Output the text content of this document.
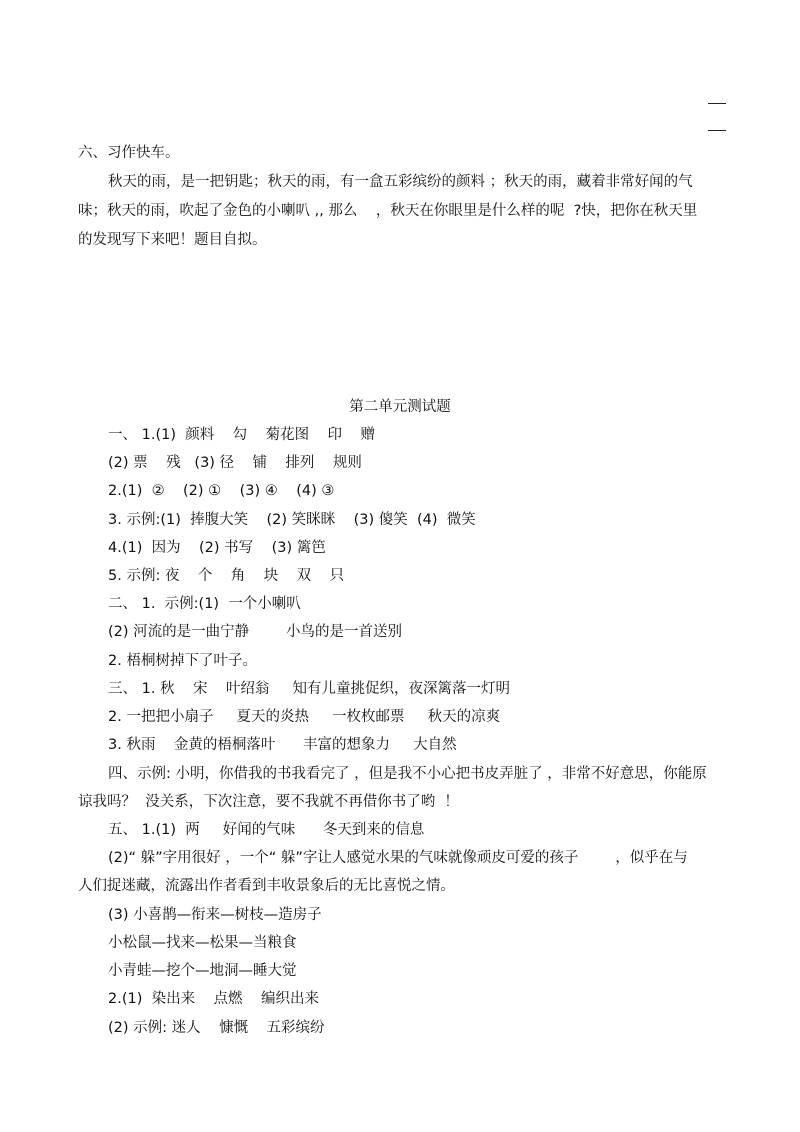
六、习作快车。
秋天的雨，是一把钥匙；秋天的雨，有一盒五彩缤纷的颜料 ；秋天的雨，藏着非常好闻的气
味；秋天的雨，吹起了金色的小喇叭 ,, 那么    ，秋天在你眼里是什么样的呢  ?快，把你在秋天里
的发现写下来吧！题目自拟。
第二单元测试题
一、 1.(1)  颜料    勾    菊花图    印    赠
(2) 票    残   (3) 径    铺    排列    规则
2.(1)  ②    (2) ①    (3) ④    (4) ③
3. 示例:(1)  捧腹大笑    (2) 笑眯眯    (3) 傻笑  (4)  微笑
4.(1)  因为    (2) 书写    (3) 篱笆
5. 示例: 夜    个    角    块    双    只
二、 1.  示例:(1)  一个小喇叭
(2) 河流的是一曲宁静        小鸟的是一首送别
2. 梧桐树掉下了叶子。
三、 1. 秋    宋    叶绍翁     知有儿童挑促织，夜深篱落一灯明
2. 一把把小扇子     夏天的炎热     一枚枚邮票     秋天的凉爽
3. 秋雨    金黄的梧桐落叶      丰富的想象力     大自然
四、示例: 小明，你借我的书我看完了 ，但是我不小心把书皮弄脏了 ，非常不好意思，你能原
谅我吗？  没关系，下次注意，要不我就不再借你书了哟  ！
五、 1.(1)  两     好闻的气味      冬天到来的信息
(2)“ 躲”字用很好 ，一个“ 躲”字让人感觉水果的气味就像顽皮可爱的孩子        ，似乎在与
人们捉迷藏，流露出作者看到丰收景象后的无比喜悦之情。
(3) 小喜鹊—衔来—树枝—造房子
小松鼠—找来—松果—当粮食
小青蛙—挖个—地洞—睡大觉
2.(1)  染出来    点燃    编织出来
(2) 示例: 迷人    慷慨    五彩缤纷
